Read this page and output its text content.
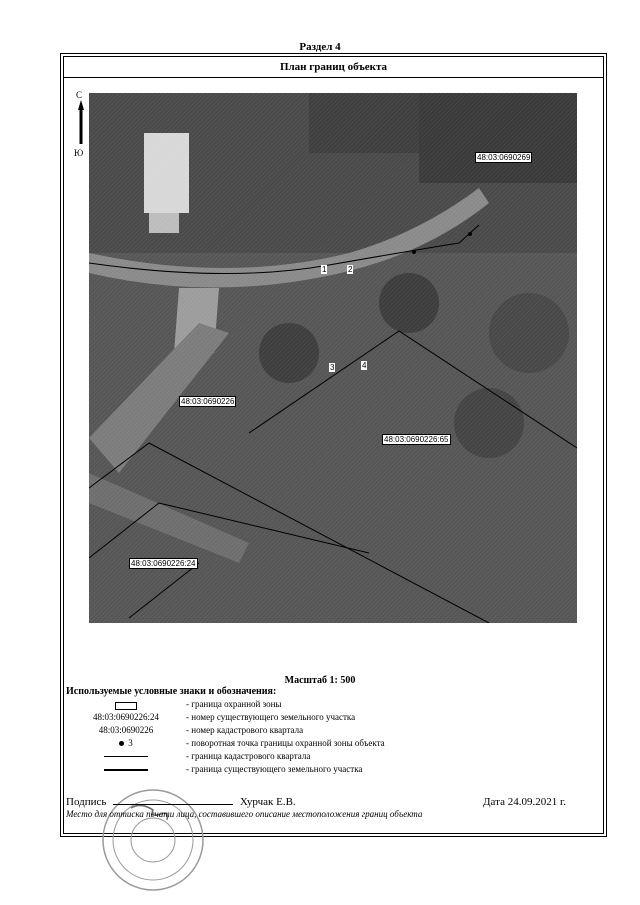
Раздел 4
План границ объекта
С
Ю	48:03:0690269
48:03:0690226
48:03:0690226:65
48:03:0690226:24
1	2
3	4
Масштаб 1: 500
Используемые условные знаки и обозначения:
- граница охранной зоны
48:03:0690226:24	- номер существующего земельного участка
48:03:0690226	- номер кадастрового квартала
3	- поворотная точка границы охранной зоны объекта
- граница кадастрового квартала
- граница существующего земельного участка
Подпись	Хурчак Е.В.	Дата 24.09.2021 г.
Место для оттиска печати лица, составившего описание местоположения границ объекта
